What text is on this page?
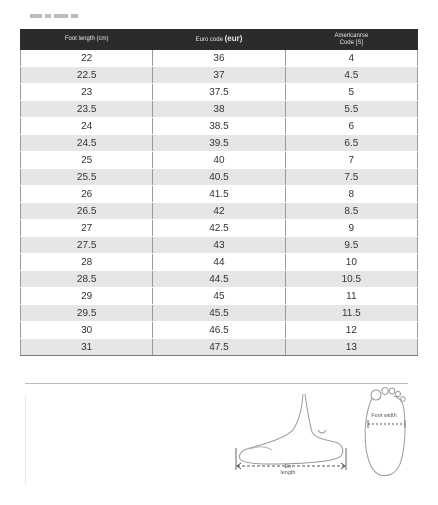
Foot length (cm)	Euro code (eur)	Americanrse
Code [S]
22	36	4
22.5	37	4.5
23	37.5	5
23.5	38	5.5
24	38.5	6
24.5	39.5	6.5
25	40	7
25.5	40.5	7.5
26	41.5	8
26.5	42	8.5
27	42.5	9
27.5	43	9.5
28	44	10
28.5	44.5	10.5
29	45	11
29.5	45.5	11.5
30	46.5	12
31	47.5	13
En
length
Foot width
